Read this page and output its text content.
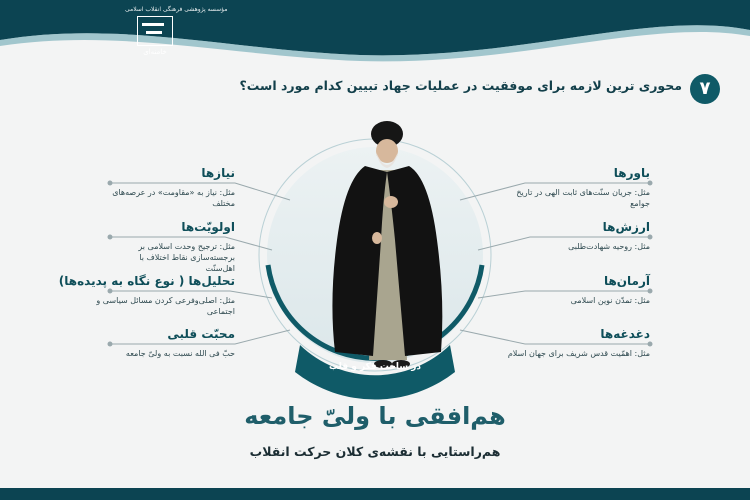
مؤسسه پژوهشی فرهنگی انقلاب اسلامی
خامنه‌ای
۷
محوری ترین لازمه برای موفقیت در عملیات جهاد تبیین کدام مورد است؟
نیازها
مثل: نیاز به «مقاومت» در عرصه‌های مختلف
اولویّت‌ها
مثل: ترجیح وحدت اسلامی بر برجسته‌سازی نقاط اختلاف با اهل‌سنّت
تحلیل‌ها ( نوع نگاه به پدیده‌ها)
مثل: اصلی‌وفرعی کردن مسائل سیاسی و اجتماعی
محبّت قلبی
حبّ فی الله نسبت به ولیّ جامعه
باورها
مثل: جریان سنّت‌های ثابت الهی در تاریخ جوامع
ارزش‌ها
مثل: روحیه شهادت‌طلبی
آرمان‌ها
مثل: تمدّن نوین اسلامی
دغدغه‌ها
مثل: اهمّیت قدس شریف برای جهان اسلام
در ساحت فکر و قلب
هم‌افقی با ولیّ جامعه
هم‌راستایی با نقشه‌ی کلان حرکت انقلاب
